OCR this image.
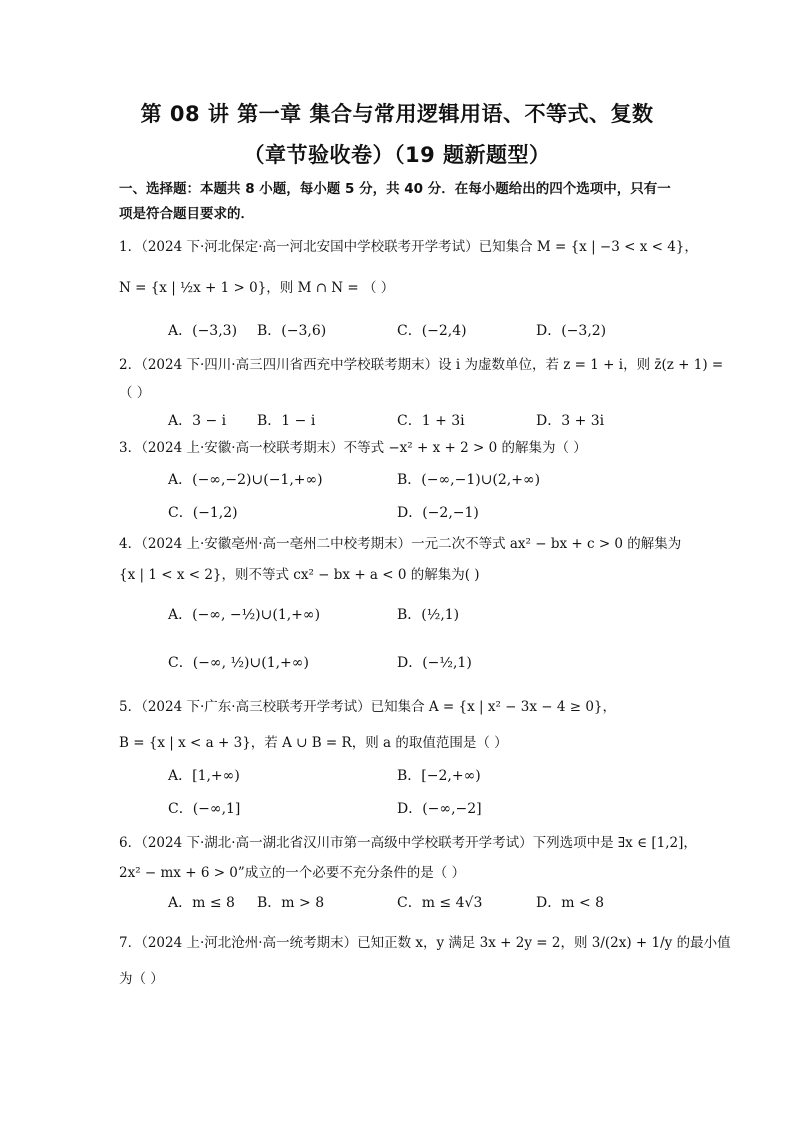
第 08 讲 第一章 集合与常用逻辑用语、不等式、复数
（章节验收卷）（19 题新题型）
一、选择题：本题共 8 小题，每小题 5 分，共 40 分．在每小题给出的四个选项中，只有一
项是符合题目要求的．
1．（2024 下·河北保定·高一河北安国中学校联考开学考试）已知集合 M = {x | −3 < x < 4}，
N = {x | ½x + 1 > 0}，则 M ∩ N = （ ）
A．(−3,3) B．(−3,6)	C．(−2,4)	D．(−3,2)
2．（2024 下·四川·高三四川省西充中学校联考期末）设 i 为虚数单位，若 z = 1 + i，则 z̄(z + 1) =
（ ）
A．3 − i B．1 − i	C．1 + 3i	D．3 + 3i
3．（2024 上·安徽·高一校联考期末）不等式 −x² + x + 2 > 0 的解集为（ ）
A．(−∞,−2)∪(−1,+∞)	B．(−∞,−1)∪(2,+∞)
C．(−1,2)	D．(−2,−1)
4．（2024 上·安徽亳州·高一亳州二中校考期末）一元二次不等式 ax² − bx + c > 0 的解集为
{x | 1 < x < 2}，则不等式 cx² − bx + a < 0 的解集为( )
A．(−∞, −½)∪(1,+∞)	B．(½,1)
C．(−∞, ½)∪(1,+∞)	D．(−½,1)
5．（2024 下·广东·高三校联考开学考试）已知集合 A = {x | x² − 3x − 4 ≥ 0}，
B = {x | x < a + 3}，若 A ∪ B = R，则 a 的取值范围是（ ）
A．[1,+∞)	B．[−2,+∞)
C．(−∞,1]	D．(−∞,−2]
6．（2024 下·湖北·高一湖北省汉川市第一高级中学校联考开学考试）下列选项中是 ∃x ∈ [1,2]，
2x² − mx + 6 > 0”成立的一个必要不充分条件的是（ ）
A．m ≤ 8 B．m > 8	C．m ≤ 4√3	D．m < 8
7．（2024 上·河北沧州·高一统考期末）已知正数 x，y 满足 3x + 2y = 2，则 3/(2x) + 1/y 的最小值
为（ ）
